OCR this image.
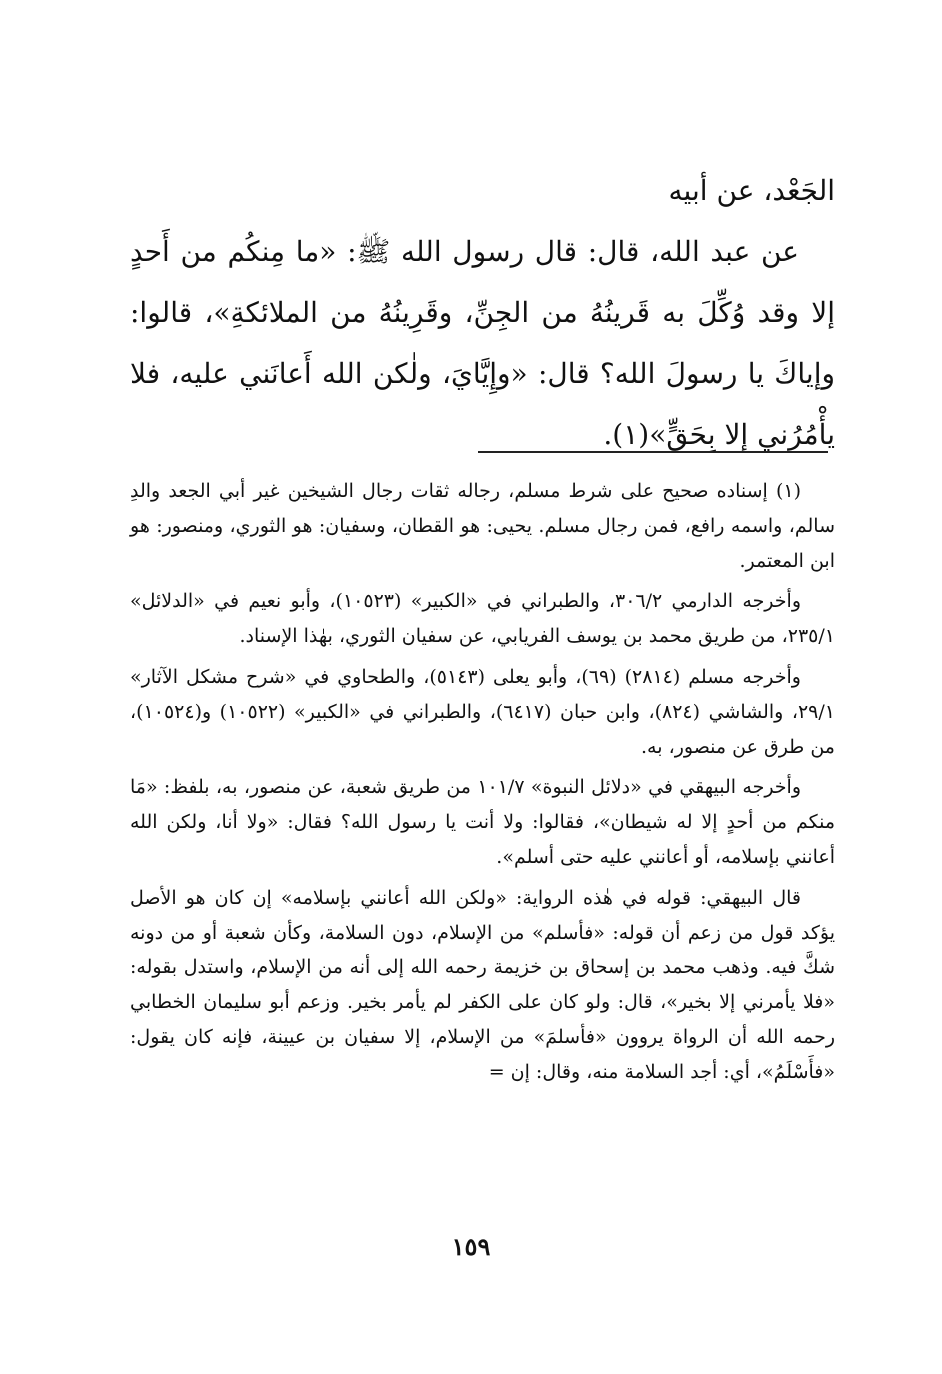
الجَعْد، عن أبيه

عن عبد الله، قال: قال رسول الله ﷺ: «ما مِنكُم من أَحدٍ إلا وقد وُكِّلَ به قَرينُهُ من الجِنِّ، وقَرِينُهُ من الملائكةِ»، قالوا: وإياكَ يا رسولَ الله؟ قال: «وإِيَّايَ، ولٰكن الله أَعانَني عليه، فلا يأْمُرُني إلا بِحَقٍّ»(١).

(١) إسناده صحيح على شرط مسلم، رجاله ثقات رجال الشيخين غير أبي الجعد والدِ سالم، واسمه رافع، فمن رجال مسلم. يحيى: هو القطان، وسفيان: هو الثوري، ومنصور: هو ابن المعتمر.

وأخرجه الدارمي ٣٠٦/٢، والطبراني في «الكبير» (١٠٥٢٣)، وأبو نعيم في «الدلائل» ٢٣٥/١، من طريق محمد بن يوسف الفريابي، عن سفيان الثوري، بهٰذا الإسناد.

وأخرجه مسلم (٢٨١٤) (٦٩)، وأبو يعلى (٥١٤٣)، والطحاوي في «شرح مشكل الآثار» ٢٩/١، والشاشي (٨٢٤)، وابن حبان (٦٤١٧)، والطبراني في «الكبير» (١٠٥٢٢) و(١٠٥٢٤)، من طرق عن منصور، به.

وأخرجه البيهقي في «دلائل النبوة» ١٠١/٧ من طريق شعبة، عن منصور، به، بلفظ: «مَا منكم من أحدٍ إلا له شيطان»، فقالوا: ولا أنت يا رسول الله؟ فقال: «ولا أنا، ولكن الله أعانني بإسلامه، أو أعانني عليه حتى أسلم».

قال البيهقي: قوله في هٰذه الرواية: «ولكن الله أعانني بإسلامه» إن كان هو الأصل يؤكد قول من زعم أن قوله: «فأسلم» من الإسلام، دون السلامة، وكأن شعبة أو من دونه شكَّ فيه. وذهب محمد بن إسحاق بن خزيمة رحمه الله إلى أنه من الإسلام، واستدل بقوله: «فلا يأمرني إلا بخير»، قال: ولو كان على الكفر لم يأمر بخير. وزعم أبو سليمان الخطابي رحمه الله أن الرواة يروون «فأسلمَ» من الإسلام، إلا سفيان بن عيينة، فإنه كان يقول: «فأَسْلَمُ»، أي: أجد السلامة منه، وقال: إن =

١٥٩
